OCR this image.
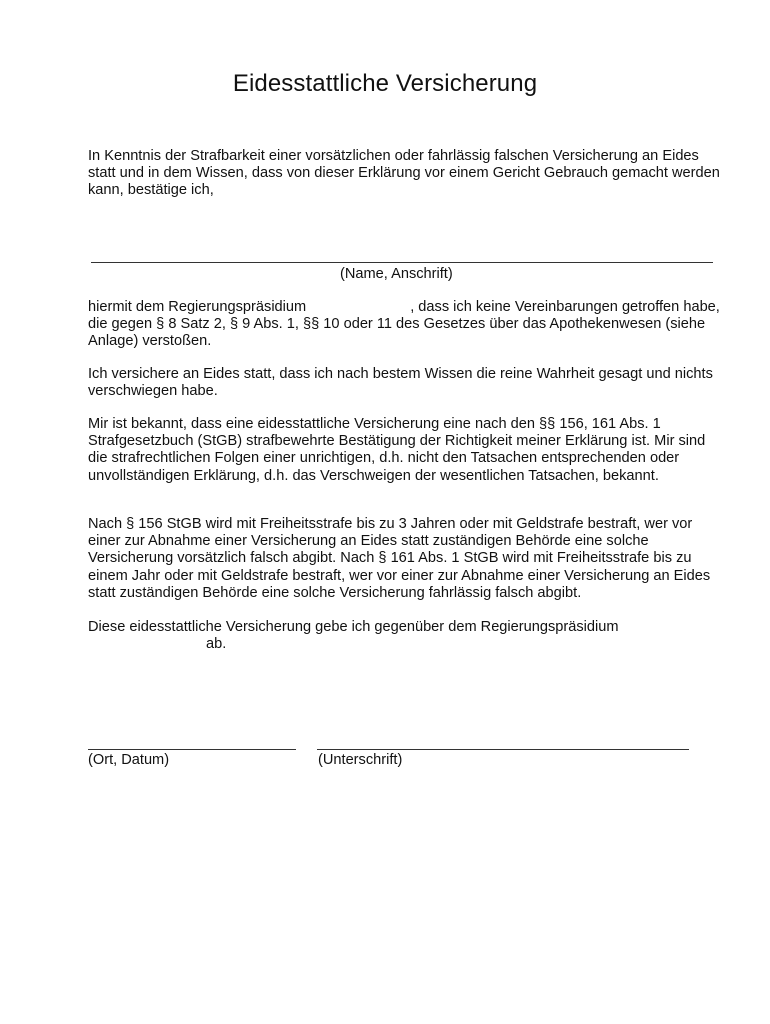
Eidesstattliche Versicherung

In Kenntnis der Strafbarkeit einer vorsätzlichen oder fahrlässig falschen Versicherung an Eides statt und in dem Wissen, dass von dieser Erklärung vor einem Gericht Gebrauch gemacht werden kann, bestätige ich,

(Name, Anschrift)

hiermit dem Regierungspräsidium	, dass ich keine Vereinbarungen getroffen habe, die gegen § 8 Satz 2, § 9 Abs. 1, §§ 10 oder 11 des Gesetzes über das Apothekenwesen (siehe Anlage) verstoßen.

Ich versichere an Eides statt, dass ich nach bestem Wissen die reine Wahrheit gesagt und nichts verschwiegen habe.

Mir ist bekannt, dass eine eidesstattliche Versicherung eine nach den §§ 156, 161 Abs. 1 Strafgesetzbuch (StGB) strafbewehrte Bestätigung der Richtigkeit meiner Erklärung ist. Mir sind die strafrechtlichen Folgen einer unrichtigen, d.h. nicht den Tatsachen entsprechenden oder unvollständigen Erklärung, d.h. das Verschweigen der wesentlichen Tatsachen, bekannt.

Nach § 156 StGB wird mit Freiheitsstrafe bis zu 3 Jahren oder mit Geldstrafe bestraft, wer vor einer zur Abnahme einer Versicherung an Eides statt zuständigen Behörde eine solche Versicherung vorsätzlich falsch abgibt. Nach § 161 Abs. 1 StGB wird mit Freiheitsstrafe bis zu einem Jahr oder mit Geldstrafe bestraft, wer vor einer zur Abnahme einer Versicherung an Eides statt zuständigen Behörde eine solche Versicherung fahrlässig falsch abgibt.

Diese eidesstattliche Versicherung gebe ich gegenüber dem Regierungspräsidium
ab.

(Ort, Datum)	(Unterschrift)
